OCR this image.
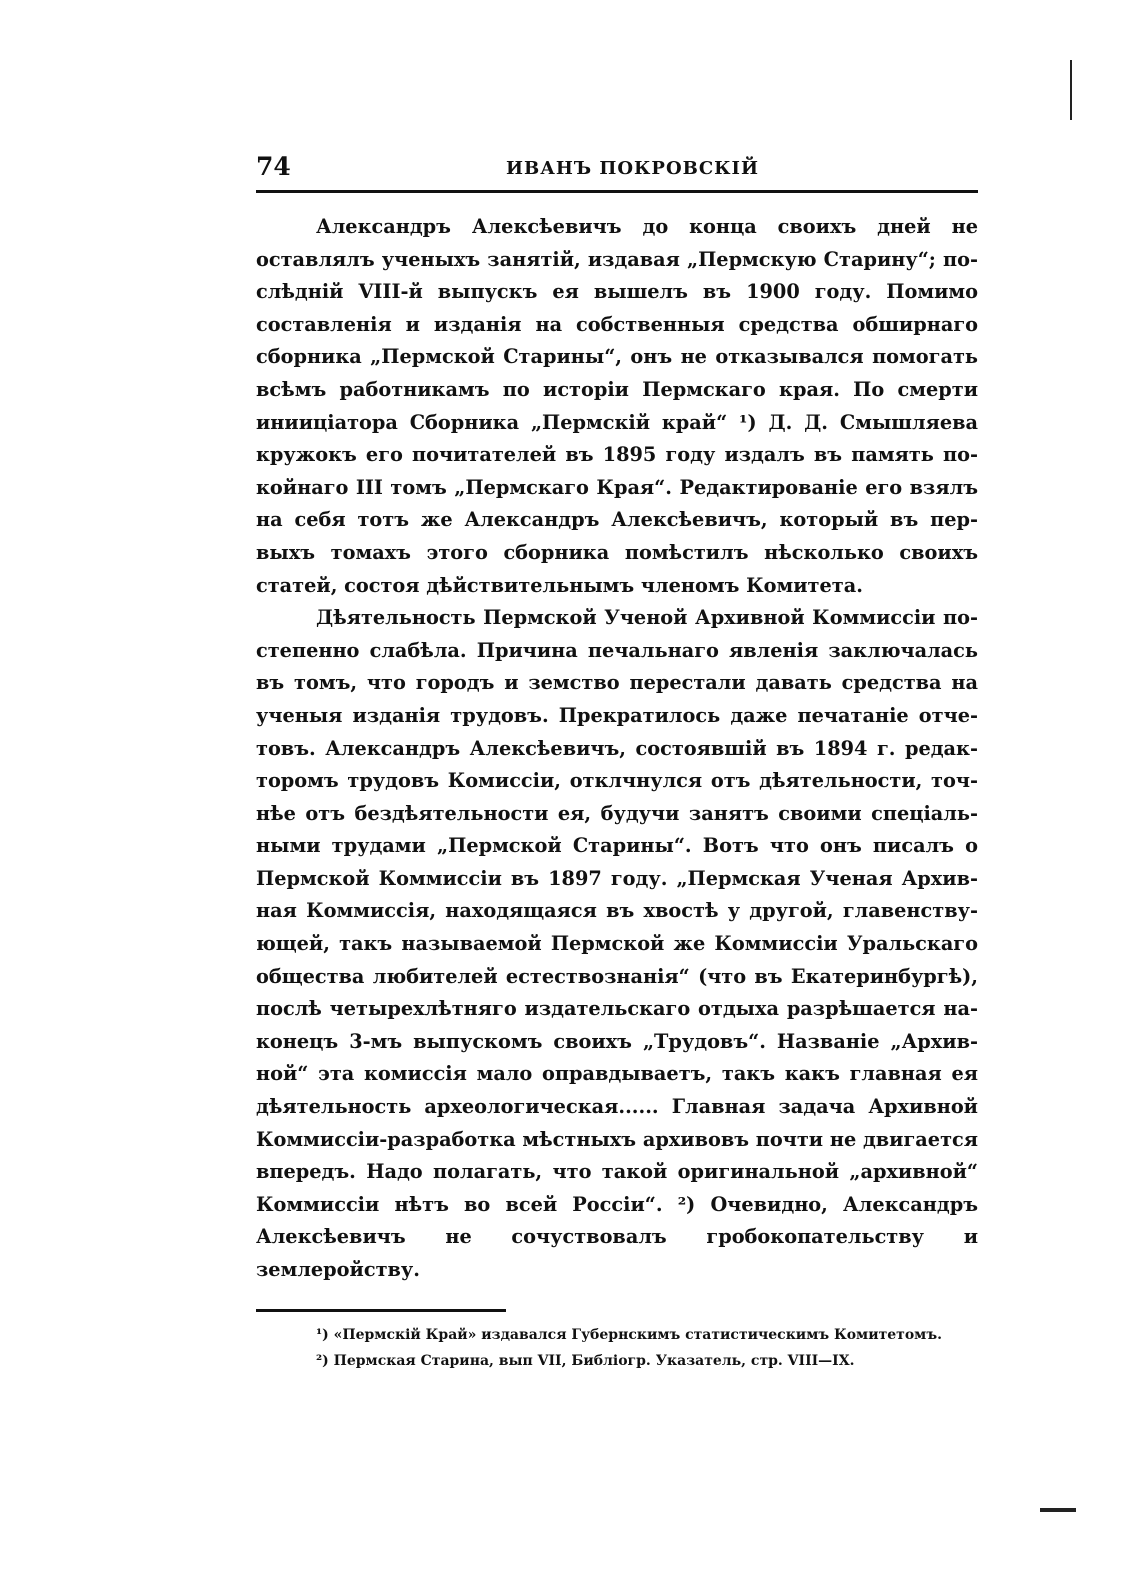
74	ИВАНЪ ПОКРОВСКІЙ

Александръ Алексѣевичъ до конца своихъ дней не оставлялъ ученыхъ занятій, издавая „Пермскую Старину“; послѣдній VIII-й выпускъ ея вышелъ въ 1900 году. Помимо составленія и изданія на собственныя средства обширнаго сборника „Пермской Старины“, онъ не отказывался помогать всѣмъ работникамъ по исторіи Пермскаго края. По смерти инииціатора Сборника „Пермскій край“ ¹) Д. Д. Смышляева кружокъ его почитателей въ 1895 году издалъ въ память покойнаго III томъ „Пермскаго Края“. Редактированіе его взялъ на себя тотъ же Александръ Алексѣевичъ, который въ первыхъ томахъ этого сборника помѣстилъ нѣсколько своихъ статей, состоя дѣйствительнымъ членомъ Комитета.

Дѣятельность Пермской Ученой Архивной Коммиссіи постепенно слабѣла. Причина печальнаго явленія заключалась въ томъ, что городъ и земство перестали давать средства на ученыя изданія трудовъ. Прекратилось даже печатаніе отчетовъ. Александръ Алексѣевичъ, состоявшій въ 1894 г. редакторомъ трудовъ Комиссіи, отклчнулся отъ дѣятельности, точнѣе отъ бездѣятельности ея, будучи занятъ своими спеціальными трудами „Пермской Старины“. Вотъ что онъ писалъ о Пермской Коммиссіи въ 1897 году. „Пермская Ученая Архивная Коммиссія, находящаяся въ хвостѣ у другой, главенствующей, такъ называемой Пермской же Коммиссіи Уральскаго общества любителей естествознанія“ (что въ Екатеринбургѣ), послѣ четырехлѣтняго издательскаго отдыха разрѣшается наконецъ 3-мъ выпускомъ своихъ „Трудовъ“. Названіе „Архивной“ эта комиссія мало оправдываетъ, такъ какъ главная ея дѣятельность археологическая...... Главная задача Архивной Коммиссіи-разработка мѣстныхъ архивовъ почти не двигается впередъ. Надо полагать, что такой оригинальной „архивной“ Коммиссіи нѣтъ во всей Россіи“. ²) Очевидно, Александръ Алексѣевичъ не сочуствовалъ гробокопательству и землеройству.

¹) «Пермскій Край» издавался Губернскимъ статистическимъ Комитетомъ.

²) Пермская Старина, вып VII, Библіогр. Указатель, стр. VIII—IX.
